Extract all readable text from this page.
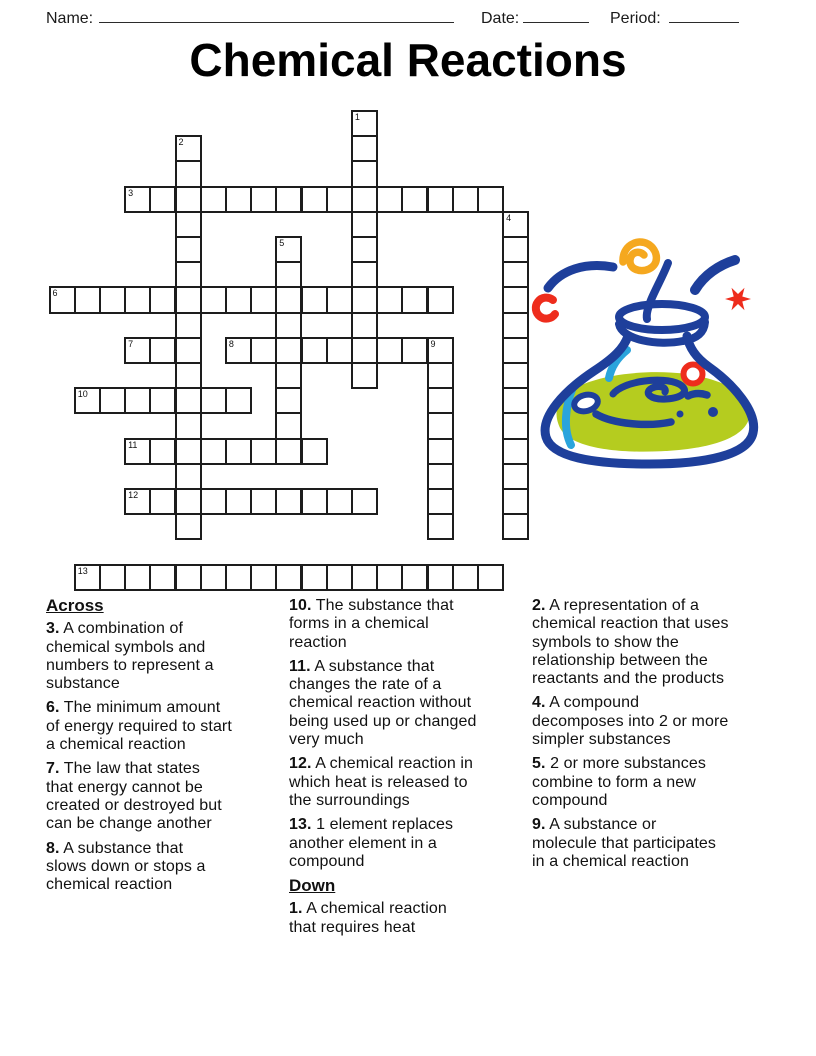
Name:	Date:	Period:
Chemical Reactions
1
2
3
4
5
6
7	8	9
10
11
12
13
Across
3. A combination of
chemical symbols and
numbers to represent a
substance
6. The minimum amount
of energy required to start
a chemical reaction
7. The law that states
that energy cannot be
created or destroyed but
can be change another
8. A substance that
slows down or stops a
chemical reaction
10. The substance that
forms in a chemical
reaction
11. A substance that
changes the rate of a
chemical reaction without
being used up or changed
very much
12. A chemical reaction in
which heat is released to
the surroundings
13. 1 element replaces
another element in a
compound
Down
1. A chemical reaction
that requires heat
2. A representation of a
chemical reaction that uses
symbols to show the
relationship between the
reactants and the products
4. A compound
decomposes into 2 or more
simpler substances
5. 2 or more substances
combine to form a new
compound
9. A substance or
molecule that participates
in a chemical reaction
